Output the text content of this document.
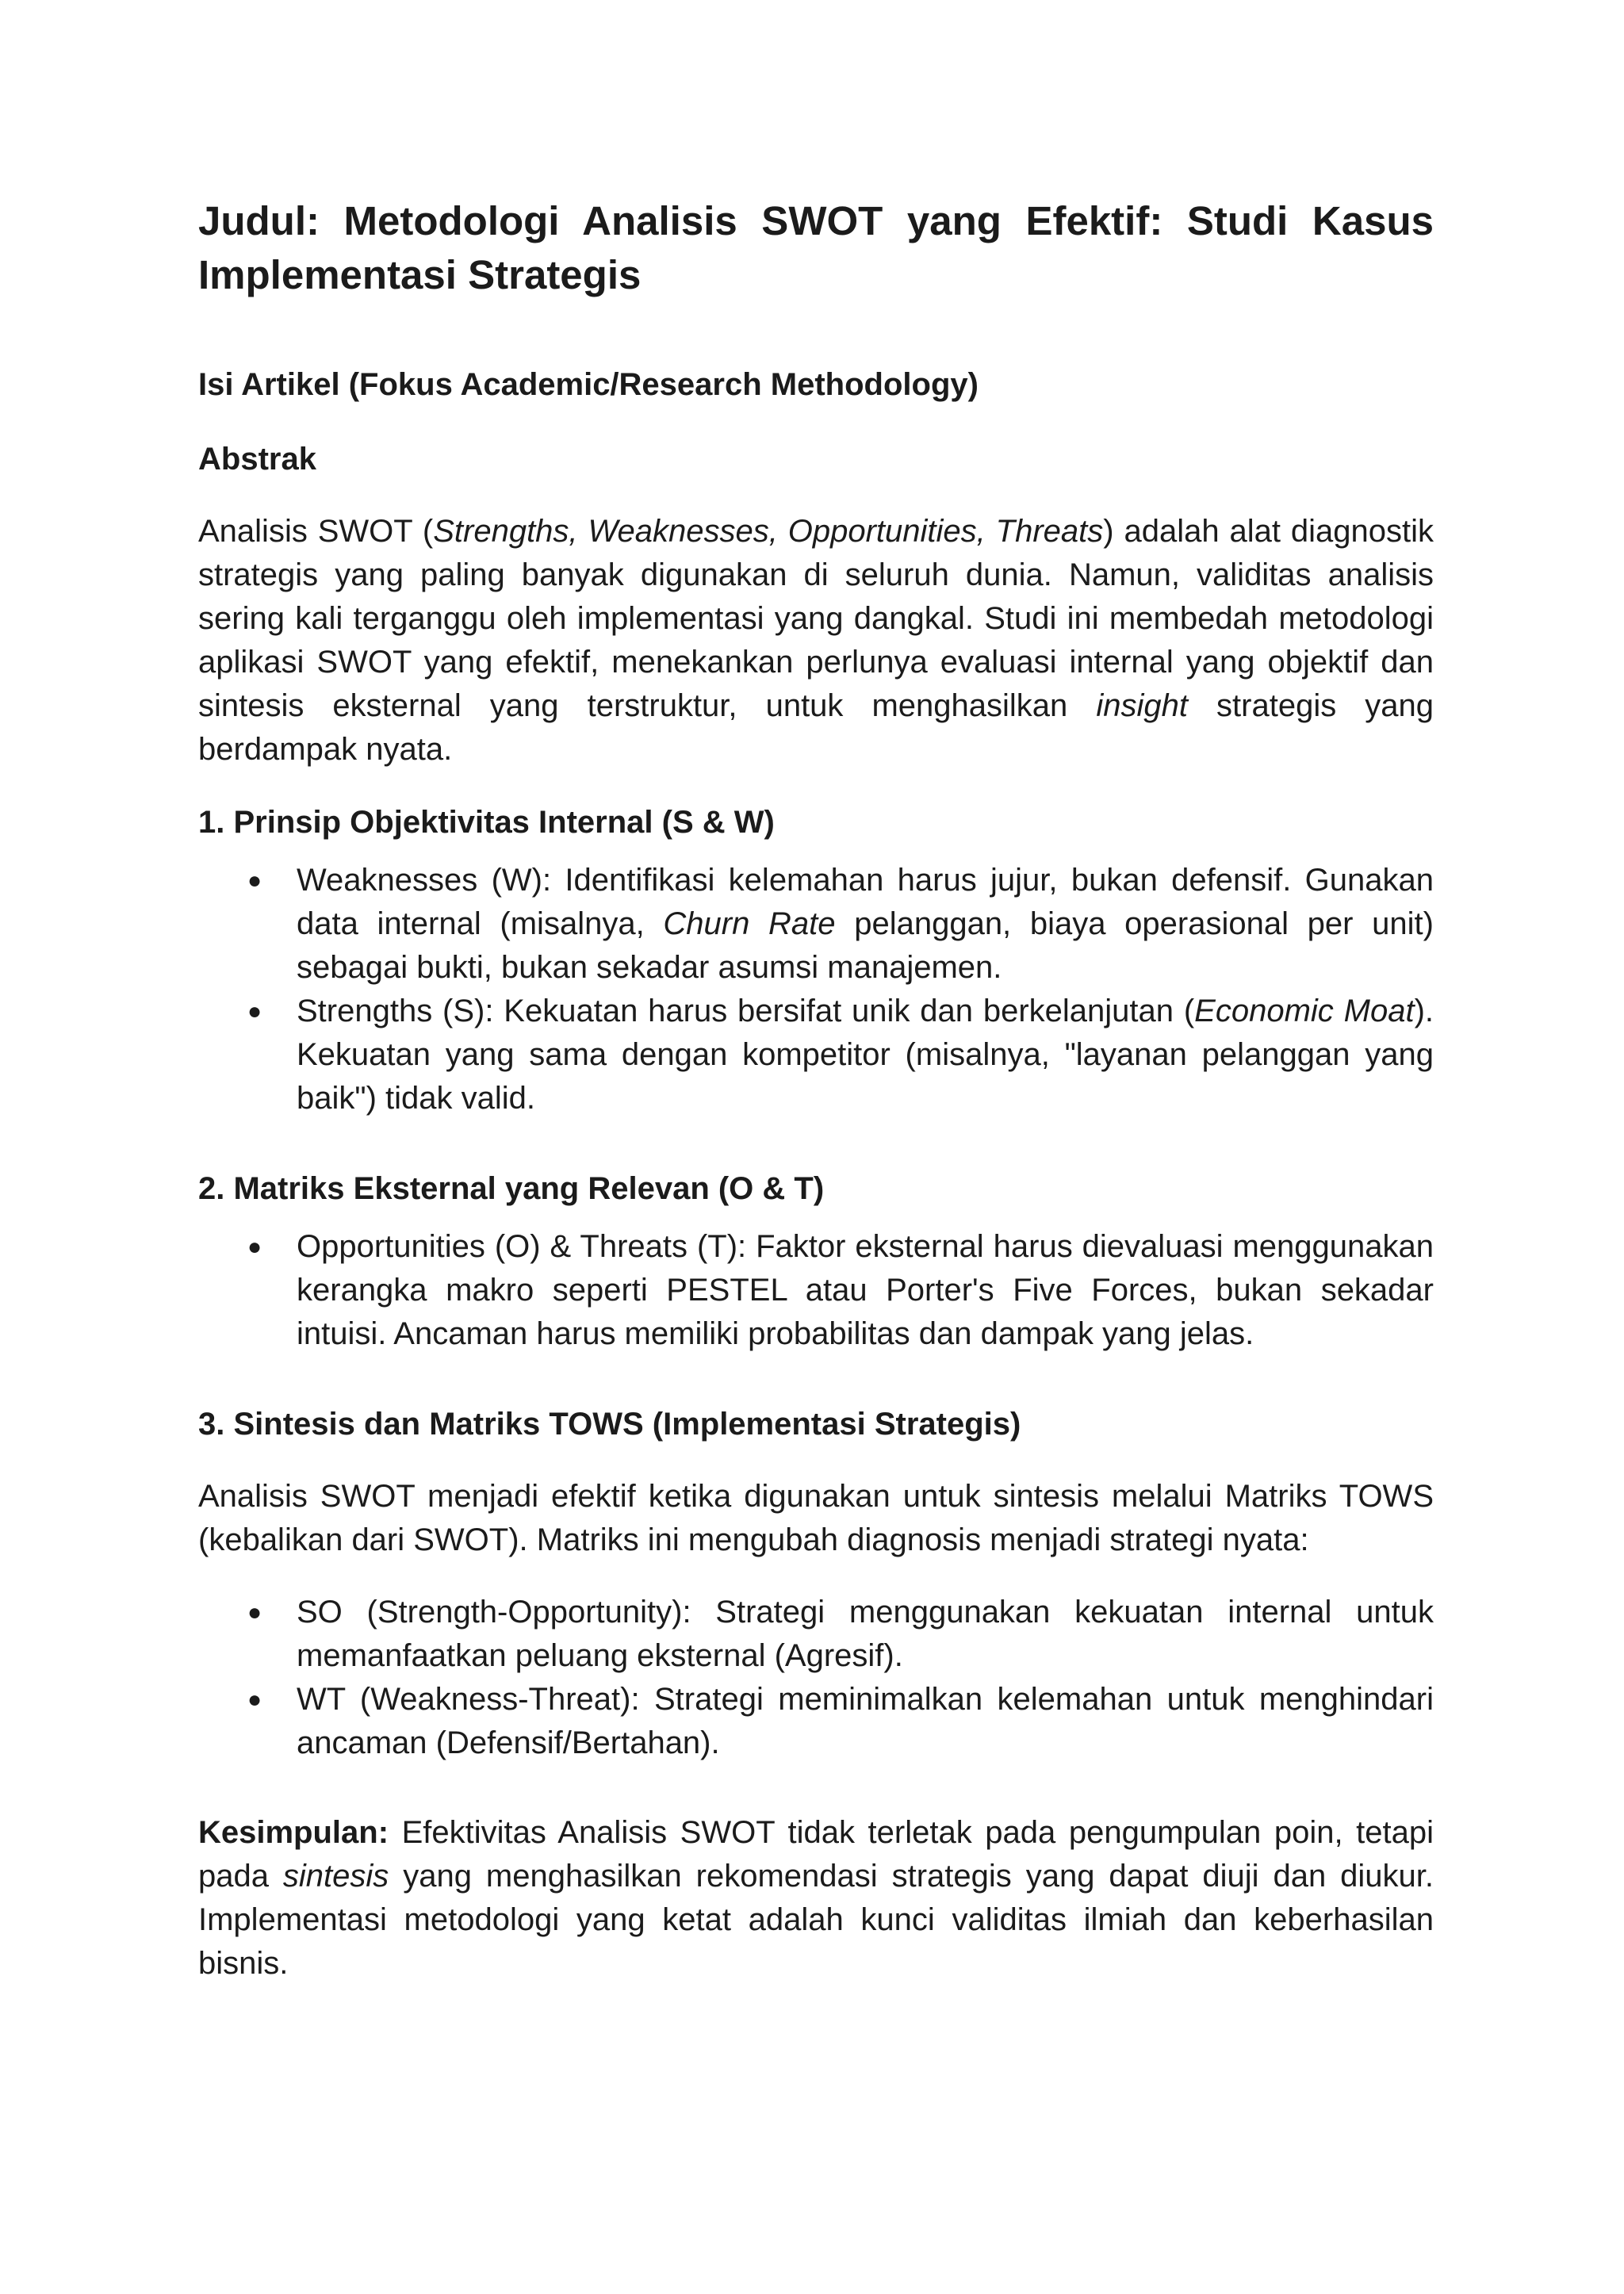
Judul: Metodologi Analisis SWOT yang Efektif: Studi Kasus Implementasi Strategis

Isi Artikel (Fokus Academic/Research Methodology)

Abstrak

Analisis SWOT (Strengths, Weaknesses, Opportunities, Threats) adalah alat diagnostik strategis yang paling banyak digunakan di seluruh dunia. Namun, validitas analisis sering kali terganggu oleh implementasi yang dangkal. Studi ini membedah metodologi aplikasi SWOT yang efektif, menekankan perlunya evaluasi internal yang objektif dan sintesis eksternal yang terstruktur, untuk menghasilkan insight strategis yang berdampak nyata.

1. Prinsip Objektivitas Internal (S & W)

● Weaknesses (W): Identifikasi kelemahan harus jujur, bukan defensif. Gunakan data internal (misalnya, Churn Rate pelanggan, biaya operasional per unit) sebagai bukti, bukan sekadar asumsi manajemen.
● Strengths (S): Kekuatan harus bersifat unik dan berkelanjutan (Economic Moat). Kekuatan yang sama dengan kompetitor (misalnya, "layanan pelanggan yang baik") tidak valid.

2. Matriks Eksternal yang Relevan (O & T)

● Opportunities (O) & Threats (T): Faktor eksternal harus dievaluasi menggunakan kerangka makro seperti PESTEL atau Porter's Five Forces, bukan sekadar intuisi. Ancaman harus memiliki probabilitas dan dampak yang jelas.

3. Sintesis dan Matriks TOWS (Implementasi Strategis)

Analisis SWOT menjadi efektif ketika digunakan untuk sintesis melalui Matriks TOWS (kebalikan dari SWOT). Matriks ini mengubah diagnosis menjadi strategi nyata:

● SO (Strength-Opportunity): Strategi menggunakan kekuatan internal untuk memanfaatkan peluang eksternal (Agresif).
● WT (Weakness-Threat): Strategi meminimalkan kelemahan untuk menghindari ancaman (Defensif/Bertahan).

Kesimpulan: Efektivitas Analisis SWOT tidak terletak pada pengumpulan poin, tetapi pada sintesis yang menghasilkan rekomendasi strategis yang dapat diuji dan diukur. Implementasi metodologi yang ketat adalah kunci validitas ilmiah dan keberhasilan bisnis.
